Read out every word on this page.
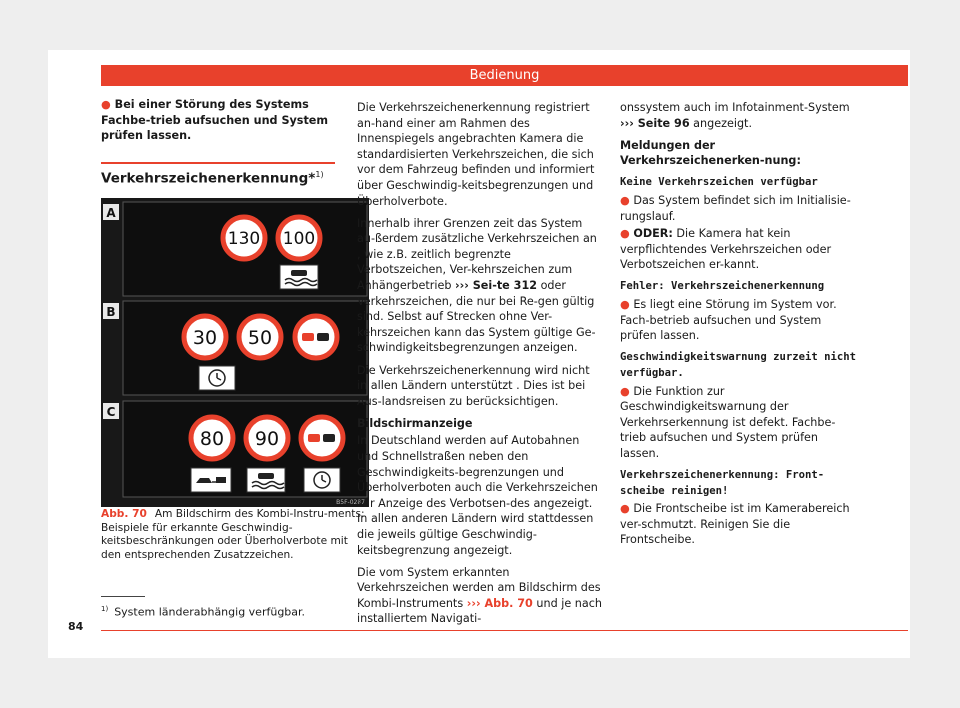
Bedienung

● Bei einer Störung des Systems Fachbe-trieb aufsuchen und System prüfen lassen.

Verkehrszeichenerkennung*$^{1)}$
A
130 100
B
30 50
C
80 90
B5F-0287
Abb. 70 Am Bildschirm des Kombi-Instru-ments: Beispiele für erkannte Geschwindig-keitsbeschränkungen oder Überholverbote mit den entsprechenden Zusatzzeichen.

Die Verkehrszeichenerkennung registriert an-hand einer am Rahmen des Innenspiegels angebrachten Kamera die standardisierten Verkehrszeichen, die sich vor dem Fahrzeug befinden und informiert über Geschwindig-keitsbegrenzungen und Überholverbote.

Innerhalb ihrer Grenzen zeit das System au-ßerdem zusätzliche Verkehrszeichen an , wie z.B. zeitlich begrenzte Verbotszeichen, Ver-kehrszeichen zum Anhängerbetrieb ››› Sei-te 312 oder Verkehrszeichen, die nur bei Re-gen gültig sind. Selbst auf Strecken ohne Ver-kehrszeichen kann das System gültige Ge-schwindigkeitsbegrenzungen anzeigen.

Die Verkehrszeichenerkennung wird nicht in allen Ländern unterstützt . Dies ist bei Aus-landsreisen zu berücksichtigen.

Bildschirmanzeige

In Deutschland werden auf Autobahnen und Schnellstraßen neben den Geschwindigkeits-begrenzungen und Überholverboten auch die Verkehrszeichen zur Anzeige des Verbotsen-des angezeigt. In allen anderen Ländern wird stattdessen die jeweils gültige Geschwindig-keitsbegrenzung angezeigt.

Die vom System erkannten Verkehrszeichen werden am Bildschirm des Kombi-Instruments ››› Abb. 70 und je nach installiertem Navigati-

onssystem auch im Infotainment-System ››› Seite 96 angezeigt.

Meldungen der Verkehrszeichenerken-nung:

Keine Verkehrszeichen verfügbar

● Das System befindet sich im Initialisie-rungslauf.

● ODER: Die Kamera hat kein verpflichtendes Verkehrszeichen oder Verbotszeichen er-kannt.

Fehler: Verkehrszeichenerkennung

● Es liegt eine Störung im System vor. Fach-betrieb aufsuchen und System prüfen lassen.

Geschwindigkeitswarnung zurzeit nicht verfügbar.

● Die Funktion zur Geschwindigkeitswarnung der Verkehrserkennung ist defekt. Fachbe-trieb aufsuchen und System prüfen lassen.

Verkehrszeichenerkennung: Front-scheibe reinigen!

● Die Frontscheibe ist im Kamerabereich ver-schmutzt. Reinigen Sie die Frontscheibe.

$^{1)}$ System länderabhängig verfügbar.
84
